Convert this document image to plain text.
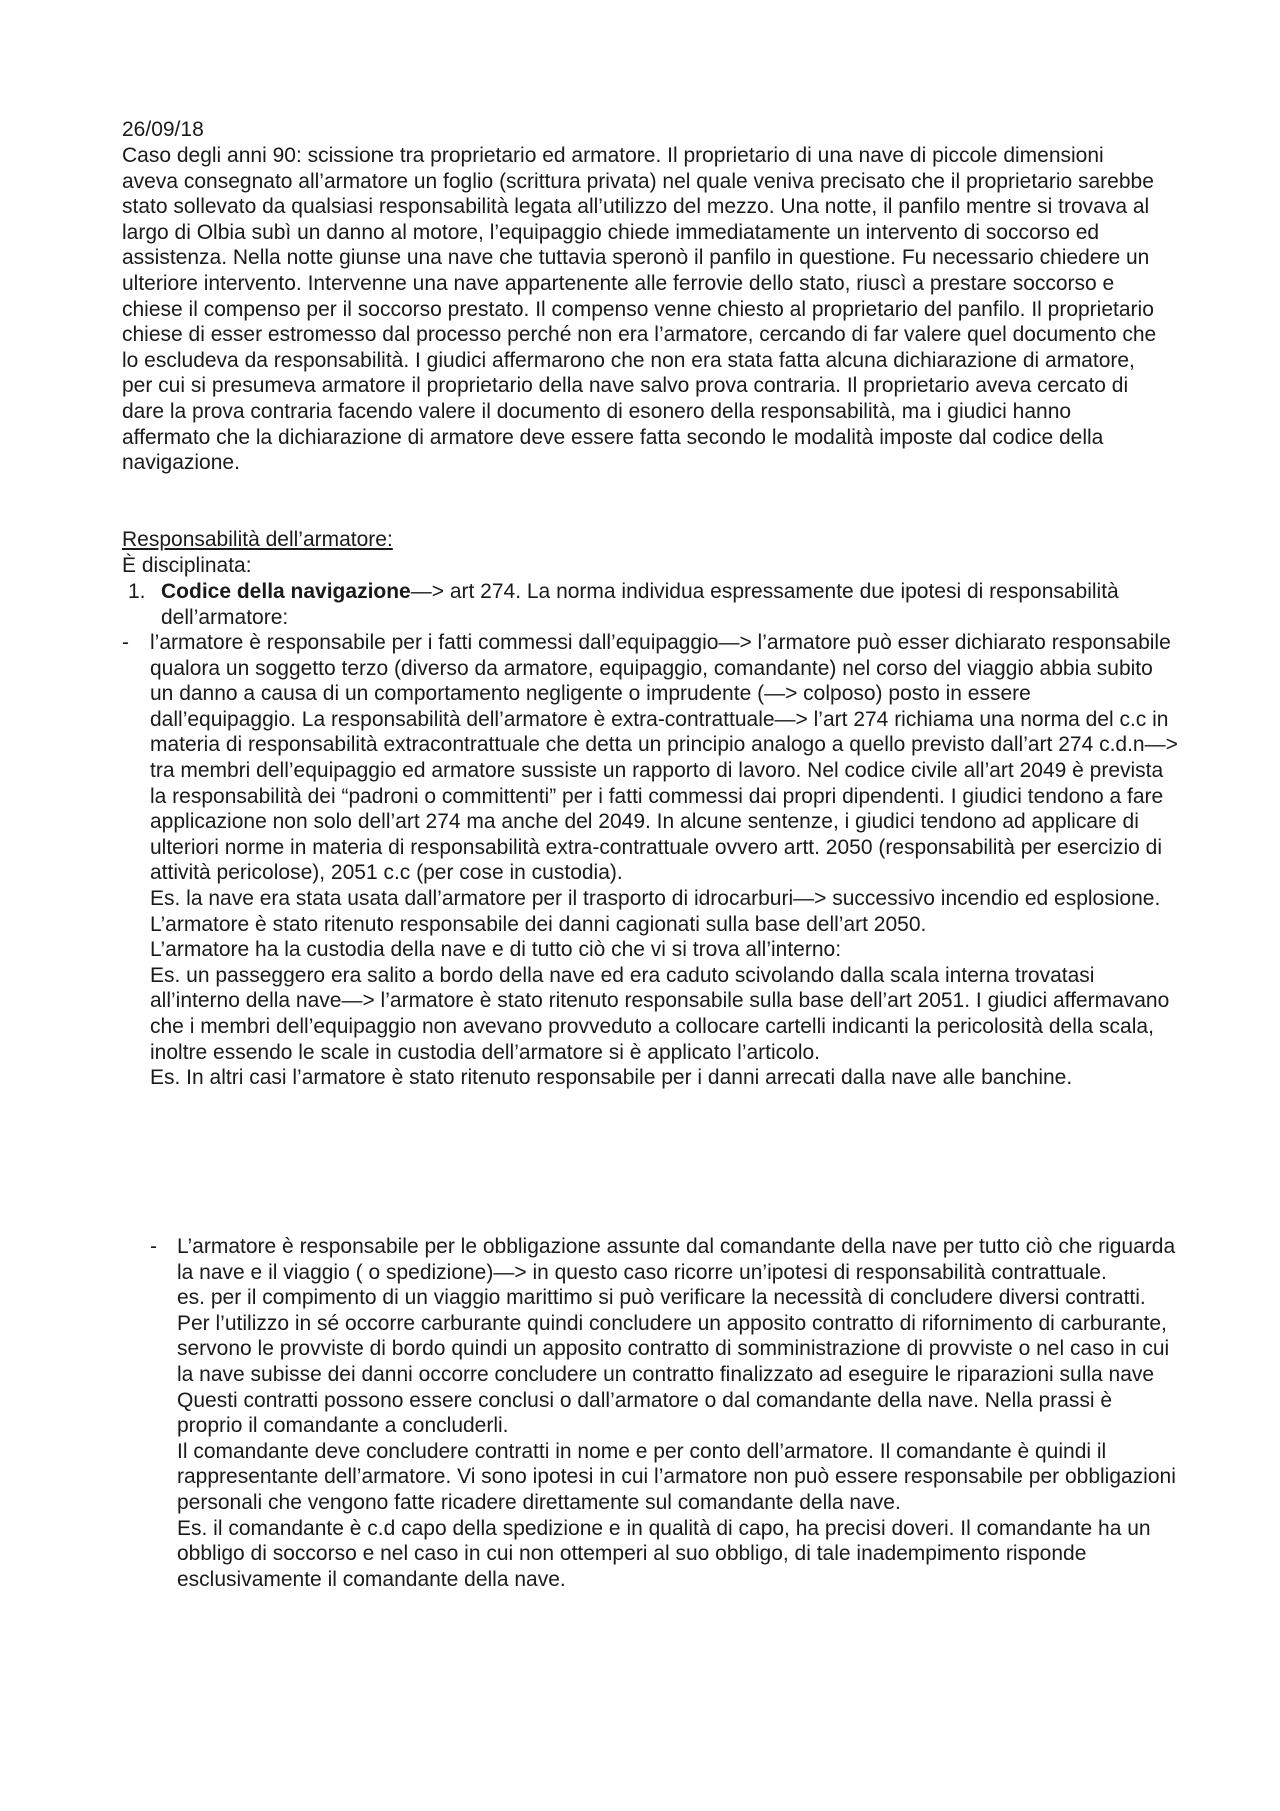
26/09/18

Caso degli anni 90: scissione tra proprietario ed armatore. Il proprietario di una nave di piccole dimensioni aveva consegnato all’armatore un foglio (scrittura privata) nel quale veniva precisato che il proprietario sarebbe stato sollevato da qualsiasi responsabilità legata all’utilizzo del mezzo. Una notte, il panfilo mentre si trovava al largo di Olbia subì un danno al motore, l’equipaggio chiede immediatamente un intervento di soccorso ed assistenza. Nella notte giunse una nave che tuttavia speronò il panfilo in questione. Fu necessario chiedere un ulteriore intervento. Intervenne una nave appartenente alle ferrovie dello stato, riuscì a prestare soccorso e chiese il compenso per il soccorso prestato. Il compenso venne chiesto al proprietario del panfilo. Il proprietario chiese di esser estromesso dal processo perché non era l’armatore, cercando di far valere quel documento che lo escludeva da responsabilità. I giudici affermarono che non era stata fatta alcuna dichiarazione di armatore, per cui si presumeva armatore il proprietario della nave salvo prova contraria. Il proprietario aveva cercato di dare la prova contraria facendo valere il documento di esonero della responsabilità, ma i giudici hanno affermato che la dichiarazione di armatore deve essere fatta secondo le modalità imposte dal codice della navigazione.

Responsabilità dell’armatore:

È disciplinata:

1. Codice della navigazione—> art 274. La norma individua espressamente due ipotesi di responsabilità dell’armatore:

- l’armatore è responsabile per i fatti commessi dall’equipaggio—> l’armatore può esser dichiarato responsabile qualora un soggetto terzo (diverso da armatore, equipaggio, comandante) nel corso del viaggio abbia subito un danno a causa di un comportamento negligente o imprudente (—> colposo) posto in essere dall’equipaggio. La responsabilità dell’armatore è extra-contrattuale—> l’art 274 richiama una norma del c.c in materia di responsabilità extracontrattuale che detta un principio analogo a quello previsto dall’art 274 c.d.n—> tra membri dell’equipaggio ed armatore sussiste un rapporto di lavoro. Nel codice civile all’art 2049 è prevista la responsabilità dei “padroni o committenti” per i fatti commessi dai propri dipendenti. I giudici tendono a fare applicazione non solo dell’art 274 ma anche del 2049. In alcune sentenze, i giudici tendono ad applicare di ulteriori norme in materia di responsabilità extra-contrattuale ovvero artt. 2050 (responsabilità per esercizio di attività pericolose), 2051 c.c (per cose in custodia).

Es. la nave era stata usata dall’armatore per il trasporto di idrocarburi—> successivo incendio ed esplosione. L’armatore è stato ritenuto responsabile dei danni cagionati sulla base dell’art 2050.

L’armatore ha la custodia della nave e di tutto ciò che vi si trova all’interno:

Es. un passeggero era salito a bordo della nave ed era caduto scivolando dalla scala interna trovatasi all’interno della nave—> l’armatore è stato ritenuto responsabile sulla base dell’art 2051. I giudici affermavano che i membri dell’equipaggio non avevano provveduto a collocare cartelli indicanti la pericolosità della scala, inoltre essendo le scale in custodia dell’armatore si è applicato l’articolo.

Es. In altri casi l’armatore è stato ritenuto responsabile per i danni arrecati dalla nave alle banchine.

- L’armatore è responsabile per le obbligazione assunte dal comandante della nave per tutto ciò che riguarda la nave e il viaggio ( o spedizione)—> in questo caso ricorre un’ipotesi di responsabilità contrattuale.

es. per il compimento di un viaggio marittimo si può verificare la necessità di concludere diversi contratti. Per l’utilizzo in sé occorre carburante quindi concludere un apposito contratto di rifornimento di carburante, servono le provviste di bordo quindi un apposito contratto di somministrazione di provviste o nel caso in cui la nave subisse dei danni occorre concludere un contratto finalizzato ad eseguire le riparazioni sulla nave

Questi contratti possono essere conclusi o dall’armatore o dal comandante della nave. Nella prassi è proprio il comandante a concluderli.

Il comandante deve concludere contratti in nome e per conto dell’armatore. Il comandante è quindi il rappresentante dell’armatore. Vi sono ipotesi in cui l’armatore non può essere responsabile per obbligazioni personali che vengono fatte ricadere direttamente sul comandante della nave.

Es. il comandante è c.d capo della spedizione e in qualità di capo, ha precisi doveri. Il comandante ha un obbligo di soccorso e nel caso in cui non ottemperi al suo obbligo, di tale inadempimento risponde esclusivamente il comandante della nave.
